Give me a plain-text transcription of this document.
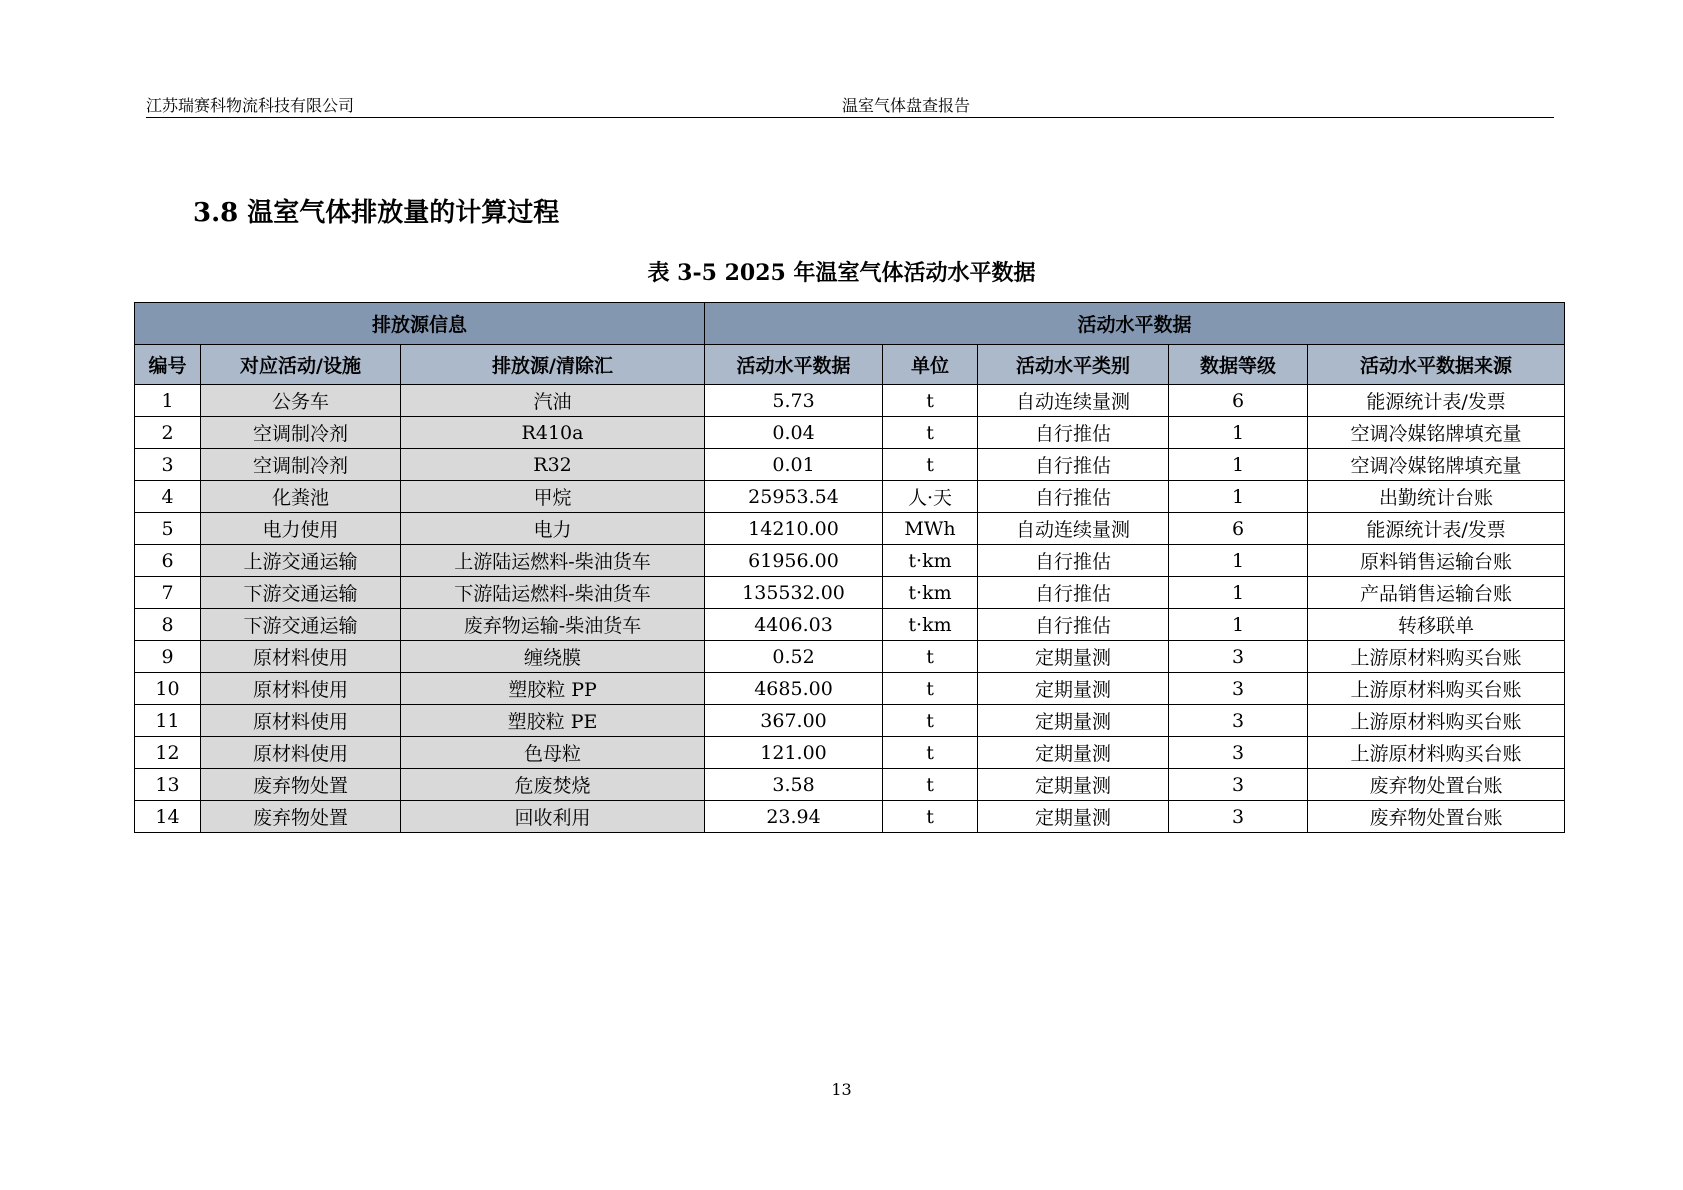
江苏瑞赛科物流科技有限公司	温室气体盘查报告
3.8 温室气体排放量的计算过程
表 3-5 2025 年温室气体活动水平数据
排放源信息			活动水平数据				
编号	对应活动/设施	排放源/清除汇	活动水平数据	单位	活动水平类别	数据等级	活动水平数据来源
1	公务车	汽油	5.73	t	自动连续量测	6	能源统计表/发票
2	空调制冷剂	R410a	0.04	t	自行推估	1	空调冷媒铭牌填充量
3	空调制冷剂	R32	0.01	t	自行推估	1	空调冷媒铭牌填充量
4	化粪池	甲烷	25953.54	人·天	自行推估	1	出勤统计台账
5	电力使用	电力	14210.00	MWh	自动连续量测	6	能源统计表/发票
6	上游交通运输	上游陆运燃料-柴油货车	61956.00	t·km	自行推估	1	原料销售运输台账
7	下游交通运输	下游陆运燃料-柴油货车	135532.00	t·km	自行推估	1	产品销售运输台账
8	下游交通运输	废弃物运输-柴油货车	4406.03	t·km	自行推估	1	转移联单
9	原材料使用	缠绕膜	0.52	t	定期量测	3	上游原材料购买台账
10	原材料使用	塑胶粒 PP	4685.00	t	定期量测	3	上游原材料购买台账
11	原材料使用	塑胶粒 PE	367.00	t	定期量测	3	上游原材料购买台账
12	原材料使用	色母粒	121.00	t	定期量测	3	上游原材料购买台账
13	废弃物处置	危废焚烧	3.58	t	定期量测	3	废弃物处置台账
14	废弃物处置	回收利用	23.94	t	定期量测	3	废弃物处置台账
13
